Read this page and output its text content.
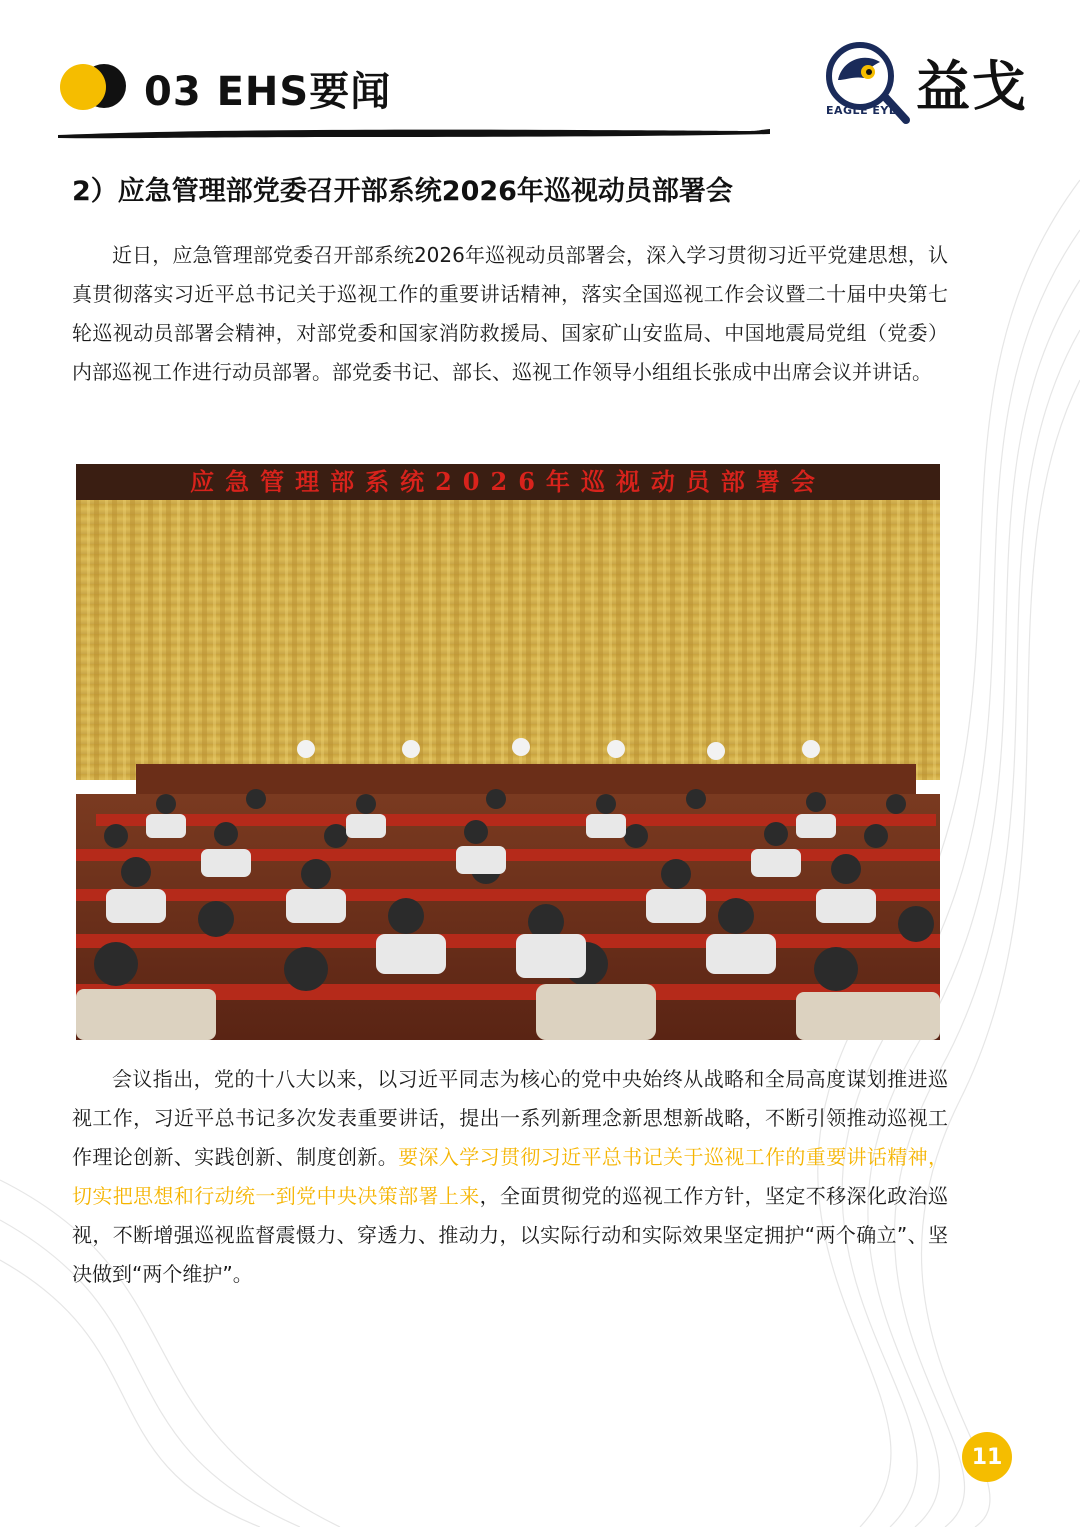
03 EHS要闻	益戈
EAGLE EYE
2）应急管理部党委召开部系统2026年巡视动员部署会

近日，应急管理部党委召开部系统2026年巡视动员部署会，深入学习贯彻习近平党建思想，认真贯彻落实习近平总书记关于巡视工作的重要讲话精神，落实全国巡视工作会议暨二十届中央第七轮巡视动员部署会精神，对部党委和国家消防救援局、国家矿山安监局、中国地震局党组（党委）内部巡视工作进行动员部署。部党委书记、部长、巡视工作领导小组组长张成中出席会议并讲话。

应急管理部系统2026年巡视动员部署会

会议指出，党的十八大以来，以习近平同志为核心的党中央始终从战略和全局高度谋划推进巡视工作，习近平总书记多次发表重要讲话，提出一系列新理念新思想新战略，不断引领推动巡视工作理论创新、实践创新、制度创新。要深入学习贯彻习近平总书记关于巡视工作的重要讲话精神，切实把思想和行动统一到党中央决策部署上来，全面贯彻党的巡视工作方针，坚定不移深化政治巡视，不断增强巡视监督震慑力、穿透力、推动力，以实际行动和实际效果坚定拥护“两个确立”、坚决做到“两个维护”。

11
